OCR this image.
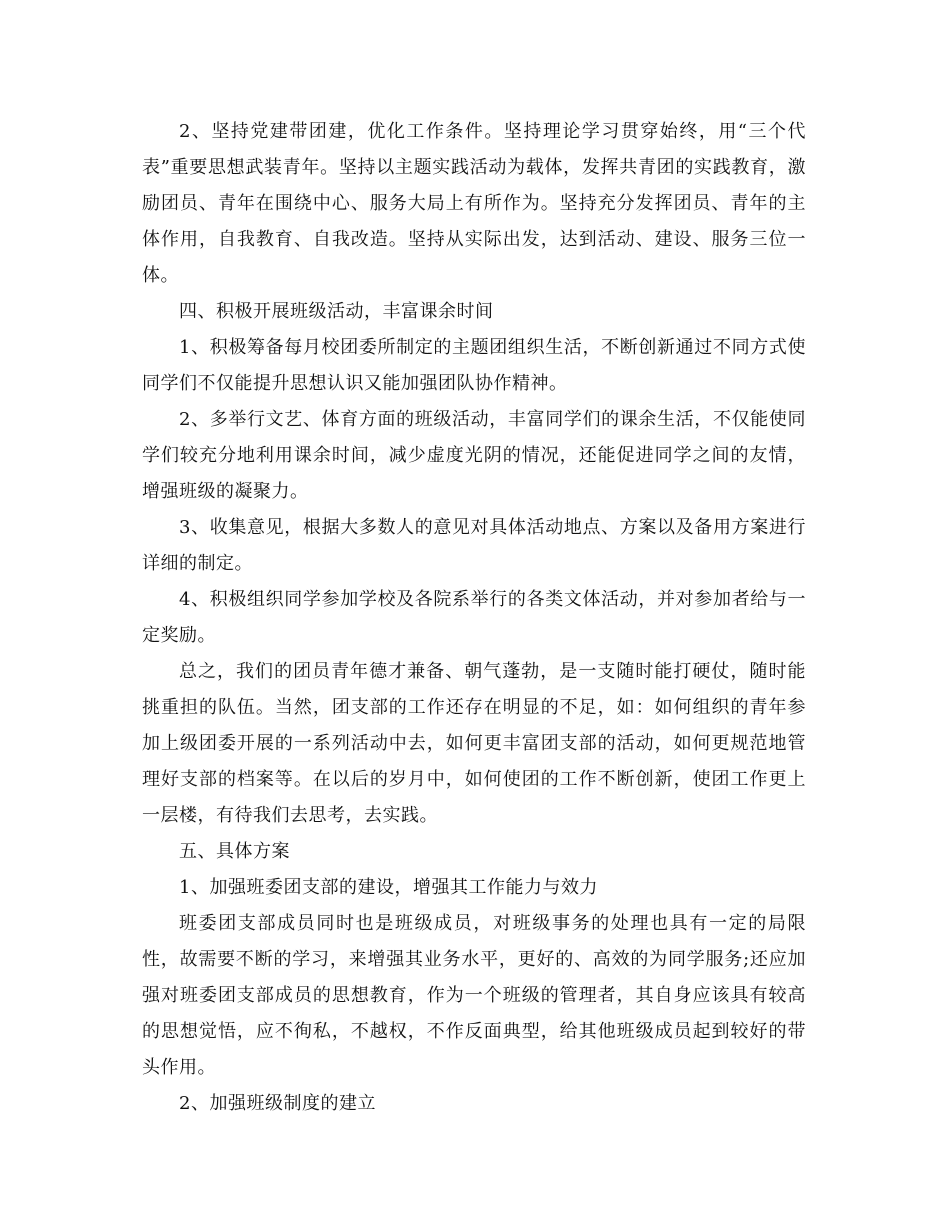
2、坚持党建带团建，优化工作条件。坚持理论学习贯穿始终，用“三个代表”重要思想武装青年。坚持以主题实践活动为载体，发挥共青团的实践教育，激励团员、青年在围绕中心、服务大局上有所作为。坚持充分发挥团员、青年的主体作用，自我教育、自我改造。坚持从实际出发，达到活动、建设、服务三位一体。

四、积极开展班级活动，丰富课余时间

1、积极筹备每月校团委所制定的主题团组织生活，不断创新通过不同方式使同学们不仅能提升思想认识又能加强团队协作精神。

2、多举行文艺、体育方面的班级活动，丰富同学们的课余生活，不仅能使同学们较充分地利用课余时间，减少虚度光阴的情况，还能促进同学之间的友情，增强班级的凝聚力。

3、收集意见，根据大多数人的意见对具体活动地点、方案以及备用方案进行详细的制定。

4、积极组织同学参加学校及各院系举行的各类文体活动，并对参加者给与一定奖励。

总之，我们的团员青年德才兼备、朝气蓬勃，是一支随时能打硬仗，随时能挑重担的队伍。当然，团支部的工作还存在明显的不足，如：如何组织的青年参加上级团委开展的一系列活动中去，如何更丰富团支部的活动，如何更规范地管理好支部的档案等。在以后的岁月中，如何使团的工作不断创新，使团工作更上一层楼，有待我们去思考，去实践。

五、具体方案

1、加强班委团支部的建设，增强其工作能力与效力

班委团支部成员同时也是班级成员，对班级事务的处理也具有一定的局限性，故需要不断的学习，来增强其业务水平，更好的、高效的为同学服务;还应加强对班委团支部成员的思想教育，作为一个班级的管理者，其自身应该具有较高的思想觉悟，应不徇私，不越权，不作反面典型，给其他班级成员起到较好的带头作用。

2、加强班级制度的建立
